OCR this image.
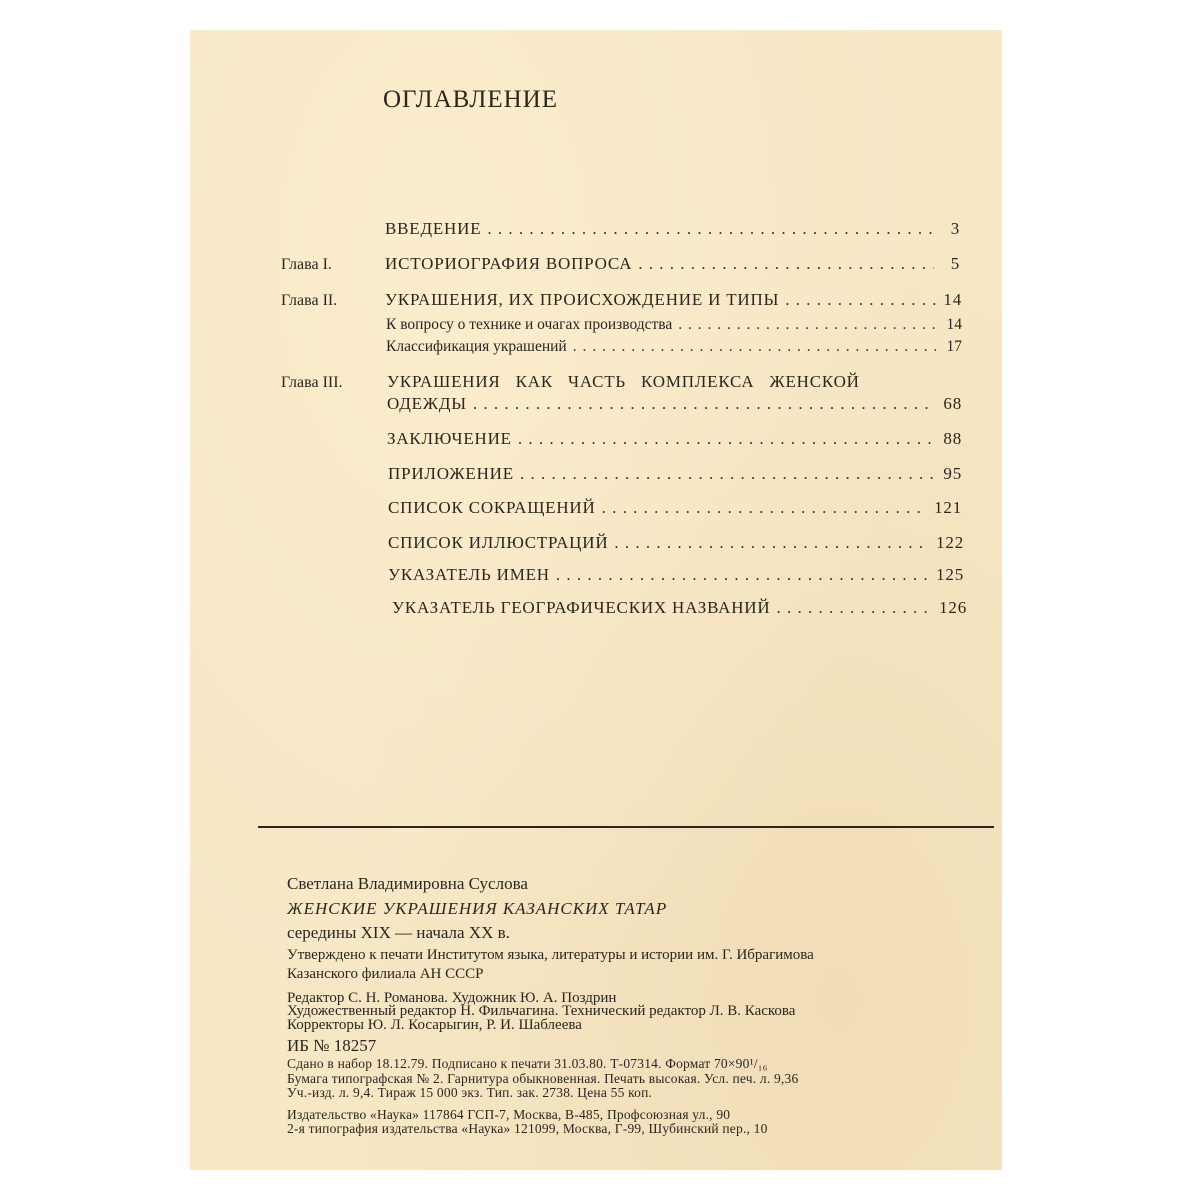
ОГЛАВЛЕНИЕ
ВВЕДЕНИЕ . . .	3
Глава I.	ИСТОРИОГРАФИЯ ВОПРОСА . . .	5
Глава II.	УКРАШЕНИЯ, ИХ ПРОИСХОЖДЕНИЕ И ТИПЫ . . .	14
К вопросу о технике и очагах производства . . .	14
Классификация украшений . . .	17
Глава III.	УКРАШЕНИЯ КАК ЧАСТЬ КОМПЛЕКСА ЖЕНСКОЙ
ОДЕЖДЫ . . .	68
ЗАКЛЮЧЕНИЕ . . .	88
ПРИЛОЖЕНИЕ . . .	95
СПИСОК СОКРАЩЕНИЙ . . .	121
СПИСОК ИЛЛЮСТРАЦИЙ . . .	122
УКАЗАТЕЛЬ ИМЕН . . .	125
УКАЗАТЕЛЬ ГЕОГРАФИЧЕСКИХ НАЗВАНИЙ . . .	126
Светлана Владимировна Суслова
ЖЕНСКИЕ УКРАШЕНИЯ КАЗАНСКИХ ТАТАР
середины XIX — начала XX в.
Утверждено к печати Институтом языка, литературы и истории им. Г. Ибрагимова
Казанского филиала АН СССР
Редактор С. Н. Романова. Художник Ю. А. Поздрин
Художественный редактор Н. Фильчагина. Технический редактор Л. В. Каскова
Корректоры Ю. Л. Косарыгин, Р. И. Шаблеева
ИБ № 18257
Сдано в набор 18.12.79. Подписано к печати 31.03.80. Т-07314. Формат 70×90¹/₁₆
Бумага типографская № 2. Гарнитура обыкновенная. Печать высокая. Усл. печ. л. 9,36
Уч.-изд. л. 9,4. Тираж 15 000 экз. Тип. зак. 2738. Цена 55 коп.
Издательство «Наука» 117864 ГСП-7, Москва, В-485, Профсоюзная ул., 90
2-я типография издательства «Наука» 121099, Москва, Г-99, Шубинский пер., 10
